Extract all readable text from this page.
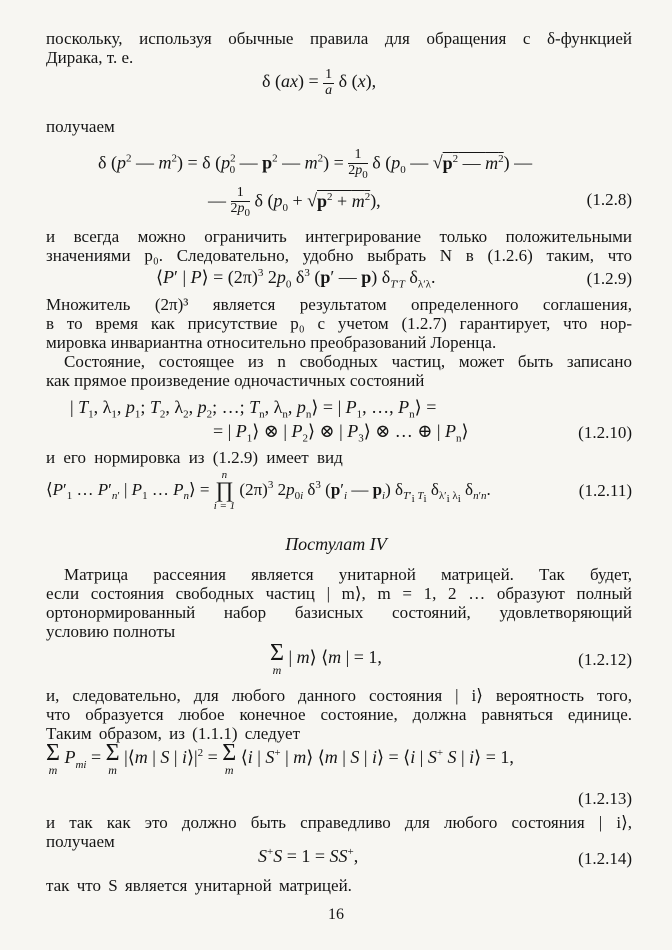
поскольку, используя обычные правила для обращения с δ-функцией
Дирака, т. е.
δ $(ax) = \frac{1}{a}$ δ (x),
получаем
δ ($p^2$ — $m^2) = \delta$ ($p^2_0$ — $p^2$ — $m^2) = \frac{1}{2p_0}$ δ ($p_0$ — $√p^2$ — $m^2$) —
— $\frac{1}{2p_0}$ δ $(p_0 + √p^2 + m^2)$,	(1.2.8)
и всегда можно ограничить интегрирование только положительными
значениями p₀. Следовательно, удобно выбрать N в (1.2.6) таким, что
⟨P′ | P⟩ = $(2\pi)^3$ $2p_0$ $\delta^3$ (p′ — p) $\delta_{T'T}$ $\delta_{\lambda'\lambda}$.	(1.2.9)
Множитель (2π)³ является результатом определенного соглашения,
в то время как присутствие p₀ с учетом (1.2.7) гарантирует, что нор-
мировка инвариантна относительно преобразований Лоренца.
Состояние, состоящее из n свободных частиц, может быть записано
как прямое произведение одночастичных состояний
| $T_1$, $\lambda_1$, $p_1$; $T_2$, $\lambda_2$, $p_2$; …; $T_n$, $\lambda_n$, $p_n⟩$ = | $P_1$, …, $P_n⟩$ =
= | $P_1⟩$ ⊗ | $P_2⟩$ ⊗ | $P_3⟩$ ⊗ … ⊕ | $P_n⟩$	(1.2.10)
и его нормировка из (1.2.9) имеет вид
$⟨P'_1$ … $P'_{n'}$ | $P_1$ … $P_n⟩$ =
n
∏
i = 1
$(2\pi)^3$ $2p_{0i}$ $\delta^3$ ($p'_i$ — $p_i$) $\delta_{T'_i T_i}$ $\delta_{\lambda'_i \lambda_i}$ $\delta_{n'n}$.	(1.2.11)
Постулат IV
Матрица рассеяния является унитарной матрицей. Так будет,
если состояния свободных частиц | m⟩, m = 1, 2 … образуют полный
ортонормированный набор базисных состояний, удовлетворяющий
условию полноты
Σ
m
| m⟩ ⟨m | = 1,	(1.2.12)
и, следовательно, для любого данного состояния | i⟩ вероятность того,
что образуется любое конечное состояние, должна равняться единице.
Таким образом, из (1.1.1) следует
Σ
m
$P_{mi} = \Sigma$
m
|⟨m | S | $i⟩|^2 = \Sigma$
m
⟨i | S+ | m⟩ ⟨m | S | i⟩ = ⟨i | S+ S | i⟩ = 1,
(1.2.13)
и так как это должно быть справедливо для любого состояния | i⟩,
получаем
S+S = 1 = SS+,	(1.2.14)
так что S является унитарной матрицей.
16
